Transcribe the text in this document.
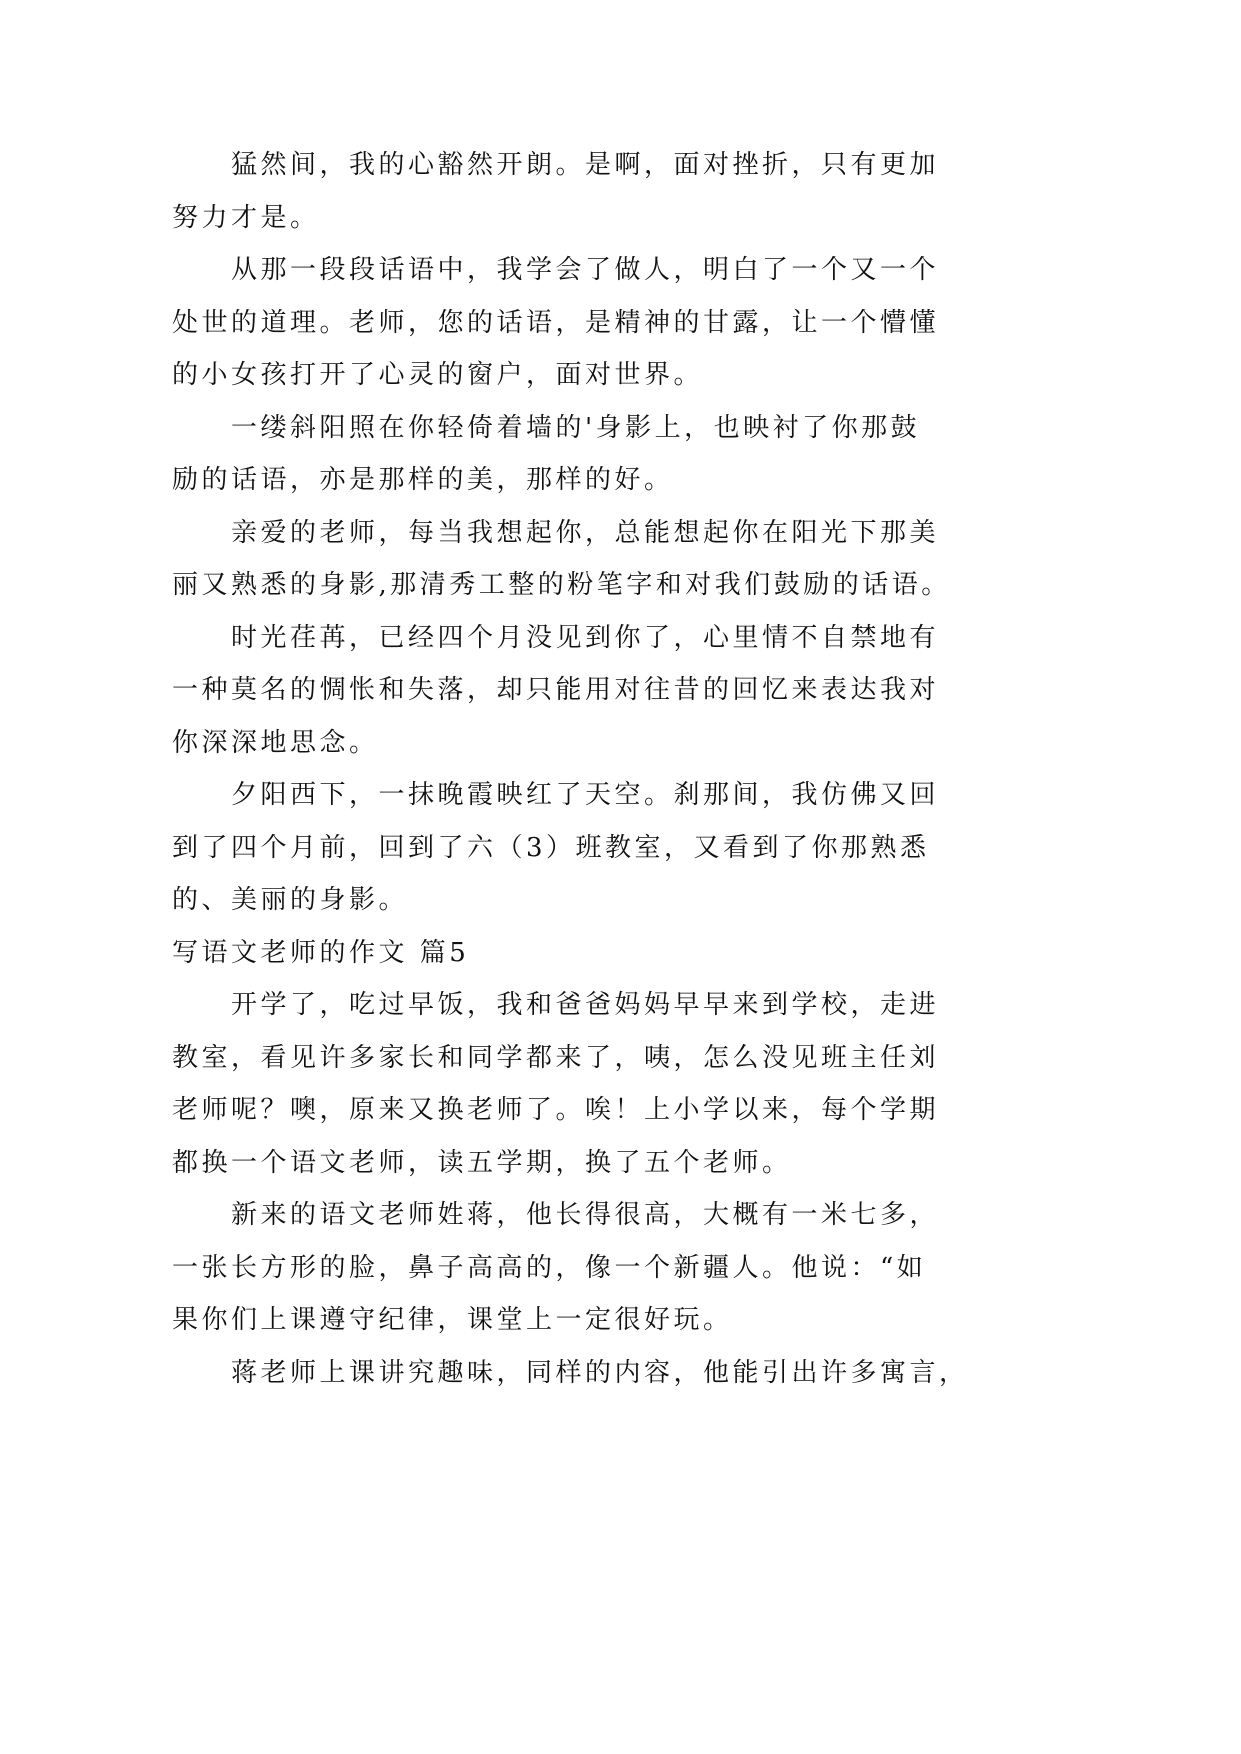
猛然间，我的心豁然开朗。是啊，面对挫折，只有更加
努力才是。
从那一段段话语中，我学会了做人，明白了一个又一个
处世的道理。老师，您的话语，是精神的甘露，让一个懵懂
的小女孩打开了心灵的窗户，面对世界。
一缕斜阳照在你轻倚着墙的'身影上，也映衬了你那鼓
励的话语，亦是那样的美，那样的好。
亲爱的老师，每当我想起你，总能想起你在阳光下那美
丽又熟悉的身影,那清秀工整的粉笔字和对我们鼓励的话语。
时光荏苒，已经四个月没见到你了，心里情不自禁地有
一种莫名的惆怅和失落，却只能用对往昔的回忆来表达我对
你深深地思念。
夕阳西下，一抹晚霞映红了天空。刹那间，我仿佛又回
到了四个月前，回到了六（3）班教室，又看到了你那熟悉
的、美丽的身影。
写语文老师的作文 篇5
开学了，吃过早饭，我和爸爸妈妈早早来到学校，走进
教室，看见许多家长和同学都来了，咦，怎么没见班主任刘
老师呢？噢，原来又换老师了。唉！上小学以来，每个学期
都换一个语文老师，读五学期，换了五个老师。
新来的语文老师姓蒋，他长得很高，大概有一米七多，
一张长方形的脸，鼻子高高的，像一个新疆人。他说：“如
果你们上课遵守纪律，课堂上一定很好玩。
蒋老师上课讲究趣味，同样的内容，他能引出许多寓言，
